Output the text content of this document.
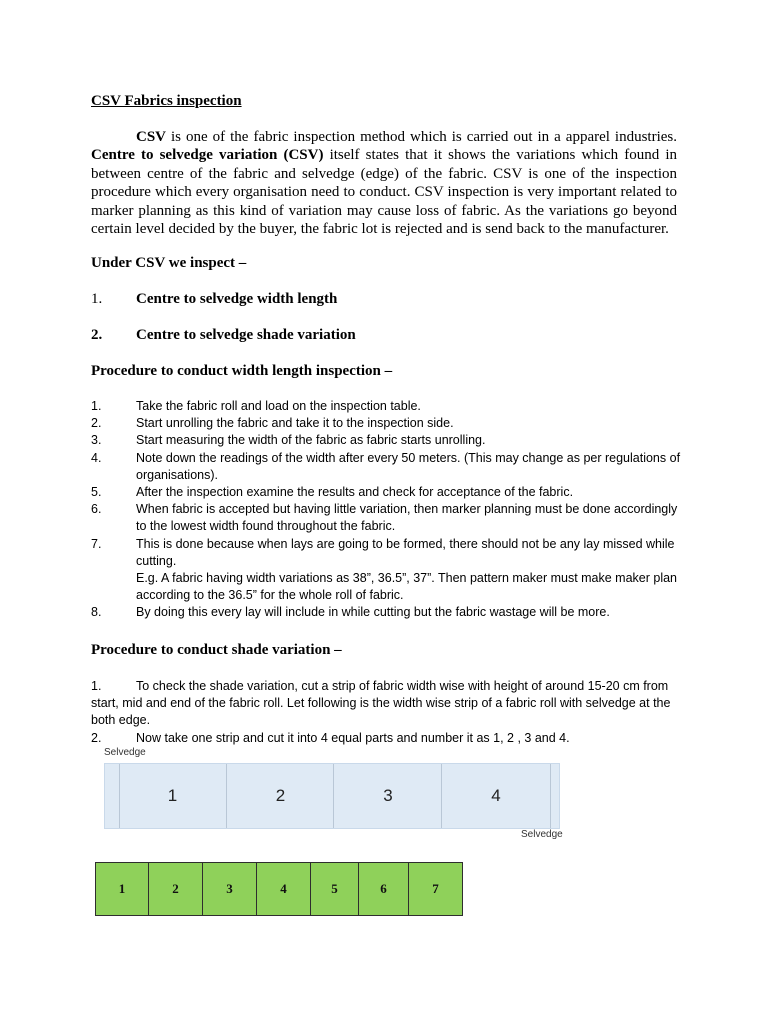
CSV Fabrics inspection

CSV is one of the fabric inspection method which is carried out in a apparel industries. Centre to selvedge variation (CSV) itself states that it shows the variations which found in between centre of the fabric and selvedge (edge) of the fabric. CSV is one of the inspection procedure which every organisation need to conduct. CSV inspection is very important related to marker planning as this kind of variation may cause loss of fabric. As the variations go beyond certain level decided by the buyer, the fabric lot is rejected and is send back to the manufacturer.

Under CSV we inspect –
1. Centre to selvedge width length
2. Centre to selvedge shade variation
Procedure to conduct width length inspection –
1.	Take the fabric roll and load on the inspection table.
2.	Start unrolling the fabric and take it to the inspection side.
3.	Start measuring the width of the fabric as fabric starts unrolling.
4.	Note down the readings of the width after every 50 meters. (This may change as per regulations of organisations).
5.	After the inspection examine the results and check for acceptance of the fabric.
6.	When fabric is accepted but having little variation, then marker planning must be done accordingly to the lowest width found throughout the fabric.
7.	This is done because when lays are going to be formed, there should not be any lay missed while cutting.
E.g. A fabric having width variations as 38”, 36.5”, 37”. Then pattern maker must make maker plan according to the 36.5” for the whole roll of fabric.
8.	By doing this every lay will include in while cutting but the fabric wastage will be more.
Procedure to conduct shade variation –
1.	To check the shade variation, cut a strip of fabric width wise with height of around 15-20 cm from start, mid and end of the fabric roll. Let following is the width wise strip of a fabric roll with selvedge at the both edge.
2.	Now take one strip and cut it into 4 equal parts and number it as 1, 2 , 3 and 4.
Selvedge
1	2	3	4
Selvedge
1	2	3	4	5	6	7
